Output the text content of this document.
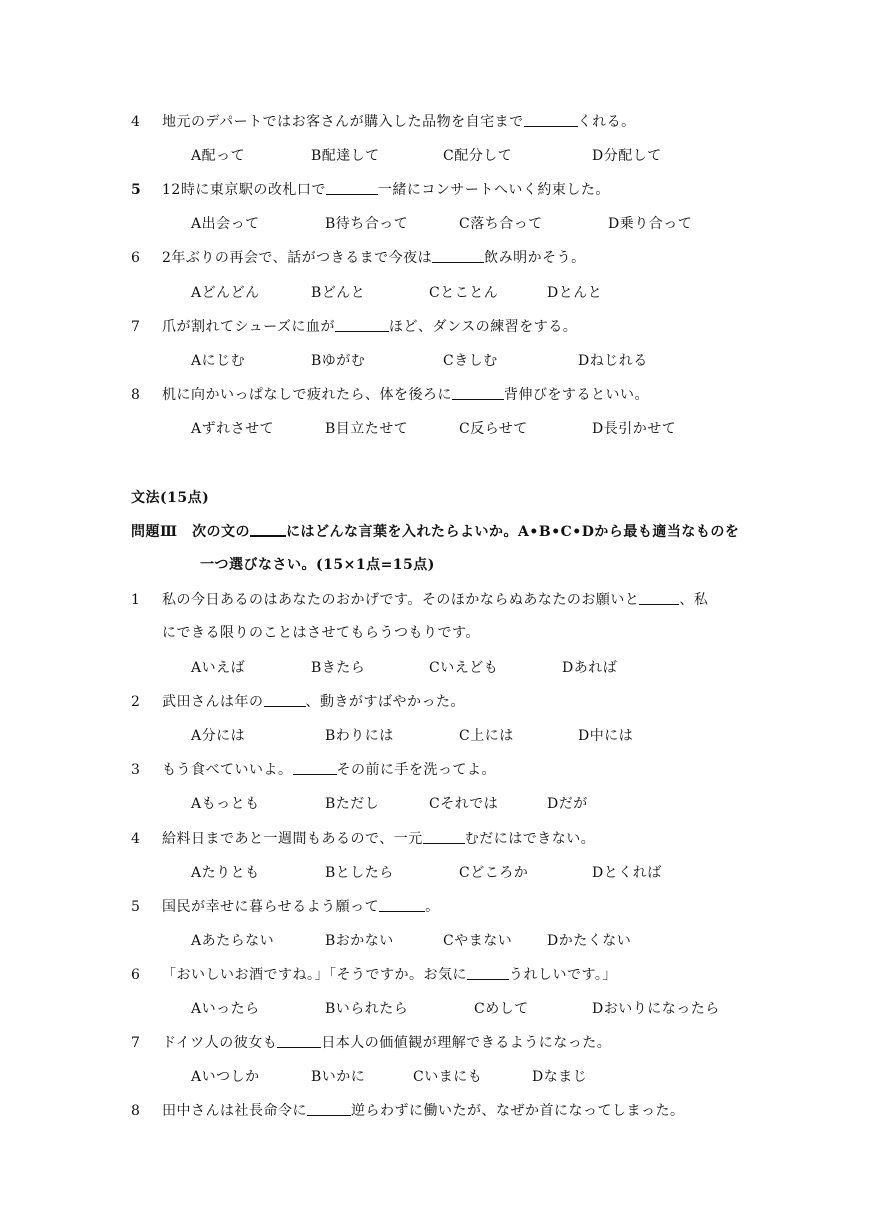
4 地元のデパートではお客さんが購入した品物を自宅まで	くれる。
A配って	B配達して	C配分して	D分配して
5 12時に東京駅の改札口で	一緒にコンサートへいく約束した。
A出会って	B待ち合って	C落ち合って	D乗り合って
6 2年ぶりの再会で、話がつきるまで今夜は	飲み明かそう。
Aどんどん	Bどんと	Cとことん	Dとんと
7 爪が割れてシューズに血が	ほど、ダンスの練習をする。
Aにじむ	Bゆがむ	Cきしむ	Dねじれる
8 机に向かいっぱなしで疲れたら、体を後ろに	背伸びをするといい。
Aずれさせて	B目立たせて	C反らせて	D長引かせて
文法(15点)
問題Ⅲ　 次の文の	にはどんな言葉を入れたらよいか。A•B•C•Dから最も適当なものを
一つ選びなさい。(15×1点=15点)
1 私の今日あるのはあなたのおかげです。そのほかならぬあなたのお願いと	、私
にできる限りのことはさせてもらうつもりです。
Aいえば	Bきたら	Cいえども	Dあれば
2 武田さんは年の	、動きがすばやかった。
A分には	Bわりには	C上には	D中には
3 もう食べていいよ。	その前に手を洗ってよ。
Aもっとも	Bただし	Cそれでは	Dだが
4 給料日まであと一週間もあるので、一元	むだにはできない。
Aたりとも	Bとしたら	Cどころか	Dとくれば
5 国民が幸せに暮らせるよう願って	。
Aあたらない	Bおかない	Cやまない Dかたくない
6 「おいしいお酒ですね。」「そうですか。お気に	うれしいです。」
Aいったら	Bいられたら	Cめして	Dおいりになったら
7 ドイツ人の彼女も	日本人の価値観が理解できるようになった。
Aいつしか	Bいかに	Cいまにも	Dなまじ
8 田中さんは社長命令に	逆らわずに働いたが、なぜか首になってしまった。
